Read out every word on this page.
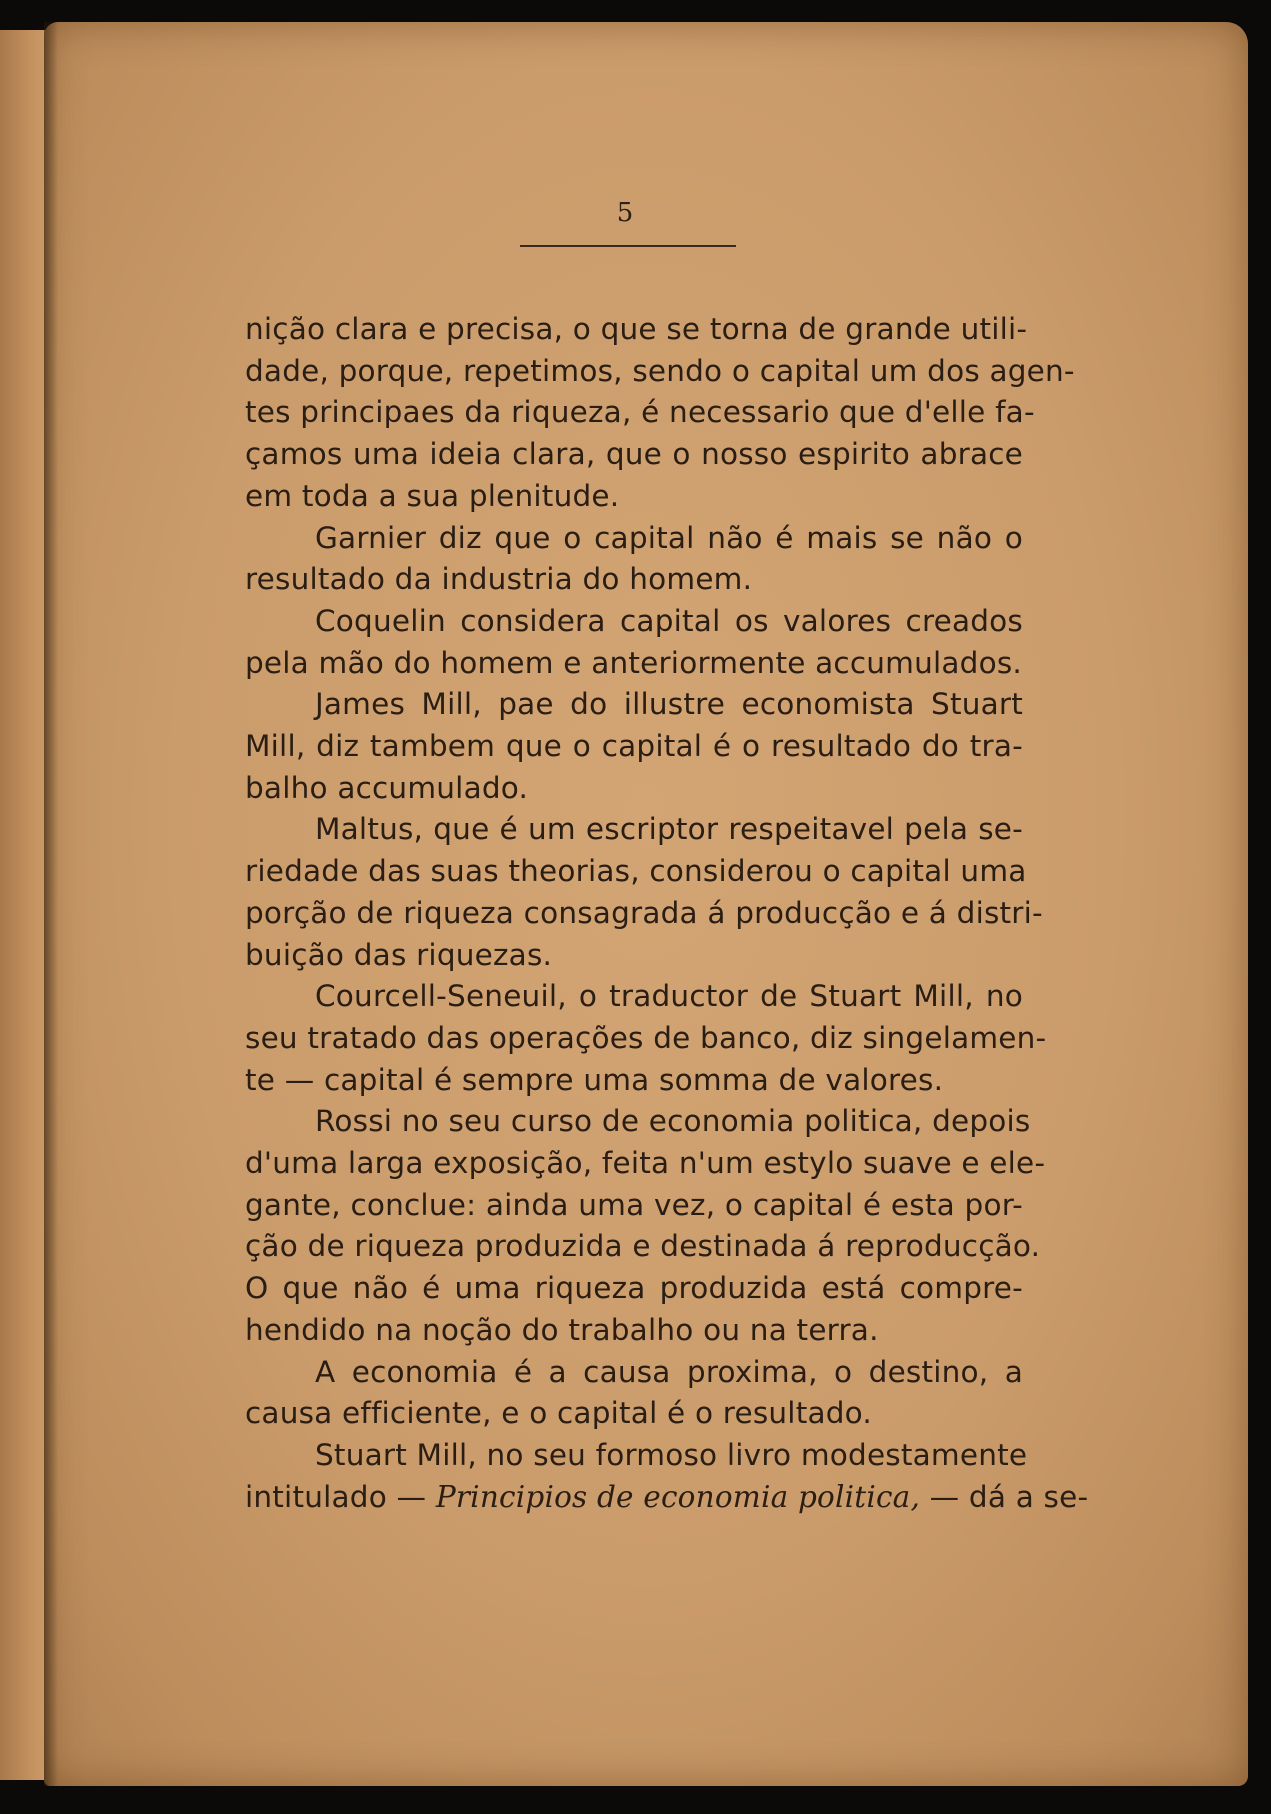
5
nição clara e precisa, o que se torna de grande utili-
dade, porque, repetimos, sendo o capital um dos agen-
tes principaes da riqueza, é necessario que d'elle fa-
çamos uma ideia clara, que o nosso espirito abrace
em toda a sua plenitude.
Garnier diz que o capital não é mais se não o
resultado da industria do homem.
Coquelin considera capital os valores creados
pela mão do homem e anteriormente accumulados.
James Mill, pae do illustre economista Stuart
Mill, diz tambem que o capital é o resultado do tra-
balho accumulado.
Maltus, que é um escriptor respeitavel pela se-
riedade das suas theorias, considerou o capital uma
porção de riqueza consagrada á producção e á distri-
buição das riquezas.
Courcell-Seneuil, o traductor de Stuart Mill, no
seu tratado das operações de banco, diz singelamen-
te — capital é sempre uma somma de valores.
Rossi no seu curso de economia politica, depois
d'uma larga exposição, feita n'um estylo suave e ele-
gante, conclue: ainda uma vez, o capital é esta por-
ção de riqueza produzida e destinada á reproducção.
O que não é uma riqueza produzida está compre-
hendido na noção do trabalho ou na terra.
A economia é a causa proxima, o destino, a
causa efficiente, e o capital é o resultado.
Stuart Mill, no seu formoso livro modestamente
intitulado — Principios de economia politica, — dá a se-
